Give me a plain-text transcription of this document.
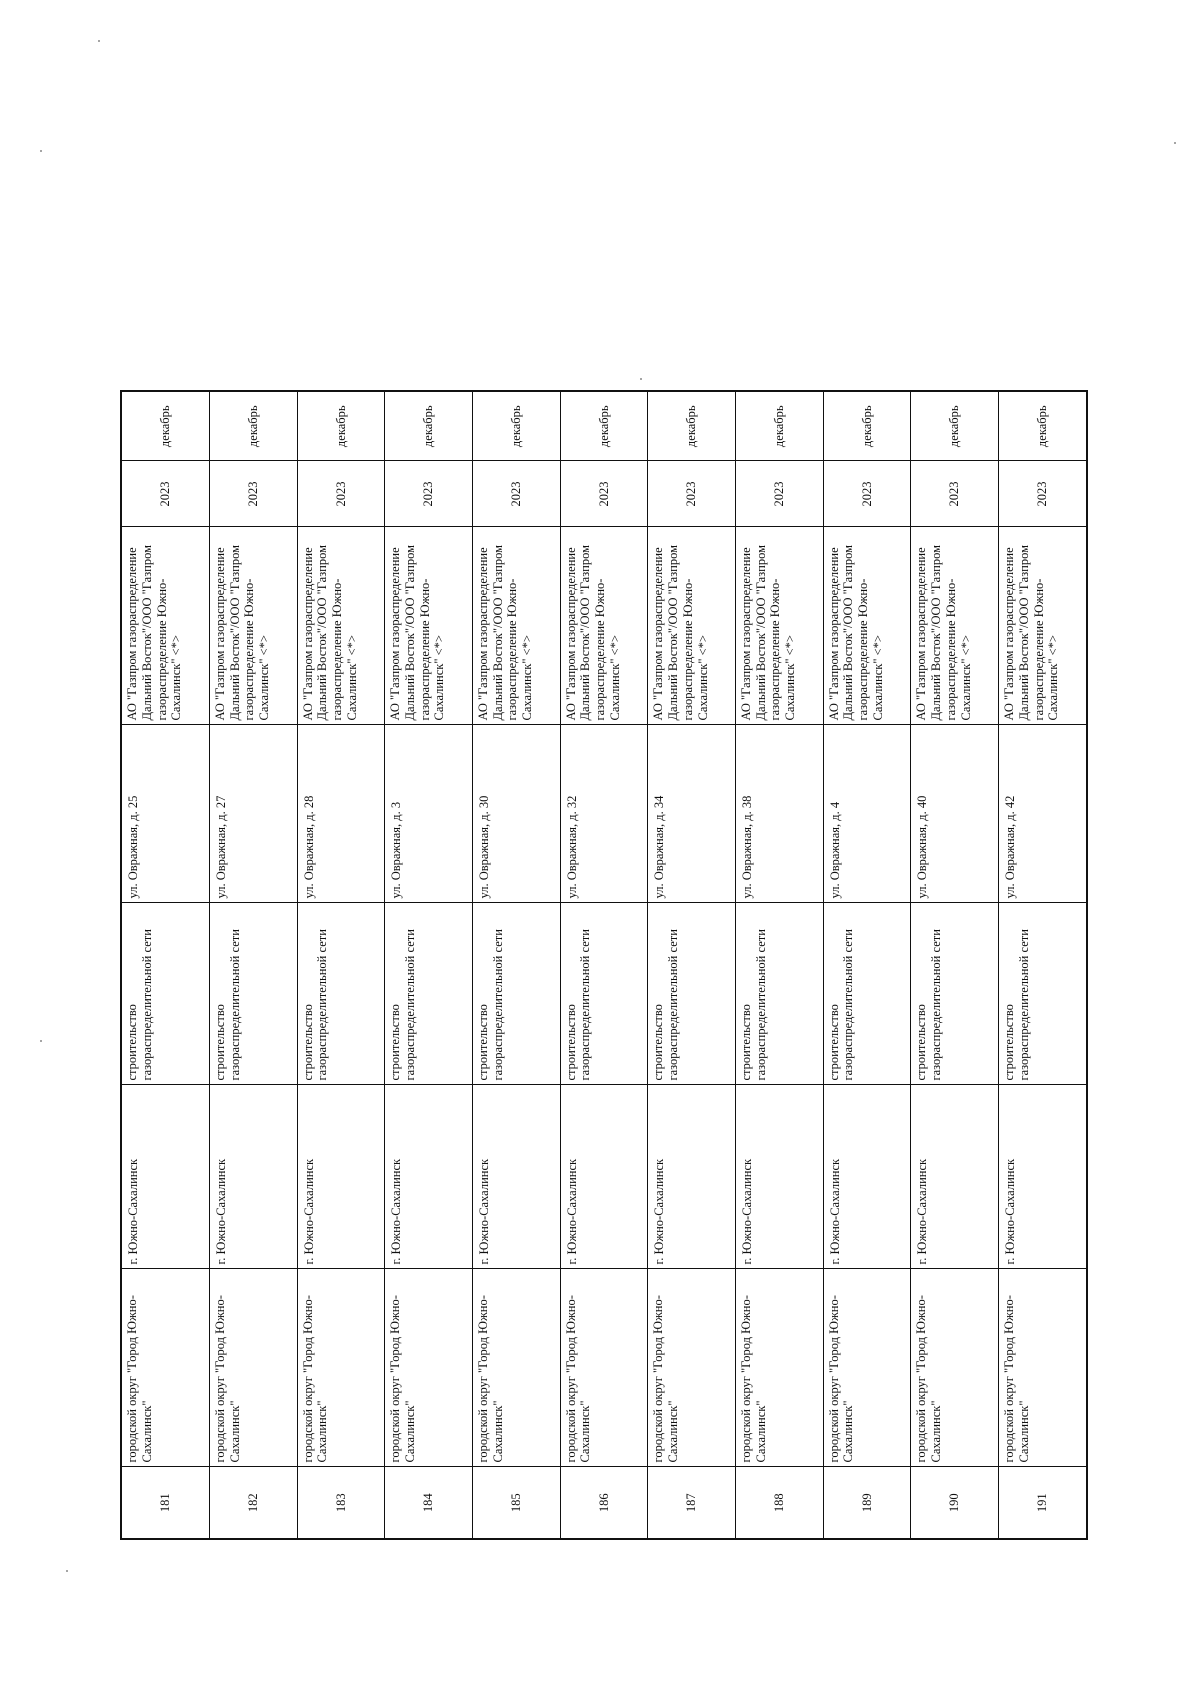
181	городской округ "Город Южно-Сахалинск"	г. Южно-Сахалинск	строительство газораспределительной сети	ул. Овражная, д. 25	АО "Газпром газораспределение Дальний Восток"/ООО "Газпром газораспределение Южно-Сахалинск" <*>	2023	декабрь
182	городской округ "Город Южно-Сахалинск"	г. Южно-Сахалинск	строительство газораспределительной сети	ул. Овражная, д. 27	АО "Газпром газораспределение Дальний Восток"/ООО "Газпром газораспределение Южно-Сахалинск" <*>	2023	декабрь
183	городской округ "Город Южно-Сахалинск"	г. Южно-Сахалинск	строительство газораспределительной сети	ул. Овражная, д. 28	АО "Газпром газораспределение Дальний Восток"/ООО "Газпром газораспределение Южно-Сахалинск" <*>	2023	декабрь
184	городской округ "Город Южно-Сахалинск"	г. Южно-Сахалинск	строительство газораспределительной сети	ул. Овражная, д. 3	АО "Газпром газораспределение Дальний Восток"/ООО "Газпром газораспределение Южно-Сахалинск" <*>	2023	декабрь
185	городской округ "Город Южно-Сахалинск"	г. Южно-Сахалинск	строительство газораспределительной сети	ул. Овражная, д. 30	АО "Газпром газораспределение Дальний Восток"/ООО "Газпром газораспределение Южно-Сахалинск" <*>	2023	декабрь
186	городской округ "Город Южно-Сахалинск"	г. Южно-Сахалинск	строительство газораспределительной сети	ул. Овражная, д. 32	АО "Газпром газораспределение Дальний Восток"/ООО "Газпром газораспределение Южно-Сахалинск" <*>	2023	декабрь
187	городской округ "Город Южно-Сахалинск"	г. Южно-Сахалинск	строительство газораспределительной сети	ул. Овражная, д. 34	АО "Газпром газораспределение Дальний Восток"/ООО "Газпром газораспределение Южно-Сахалинск" <*>	2023	декабрь
188	городской округ "Город Южно-Сахалинск"	г. Южно-Сахалинск	строительство газораспределительной сети	ул. Овражная, д. 38	АО "Газпром газораспределение Дальний Восток"/ООО "Газпром газораспределение Южно-Сахалинск" <*>	2023	декабрь
189	городской округ "Город Южно-Сахалинск"	г. Южно-Сахалинск	строительство газораспределительной сети	ул. Овражная, д. 4	АО "Газпром газораспределение Дальний Восток"/ООО "Газпром газораспределение Южно-Сахалинск" <*>	2023	декабрь
190	городской округ "Город Южно-Сахалинск"	г. Южно-Сахалинск	строительство газораспределительной сети	ул. Овражная, д. 40	АО "Газпром газораспределение Дальний Восток"/ООО "Газпром газораспределение Южно-Сахалинск" <*>	2023	декабрь
191	городской округ "Город Южно-Сахалинск"	г. Южно-Сахалинск	строительство газораспределительной сети	ул. Овражная, д. 42	АО "Газпром газораспределение Дальний Восток"/ООО "Газпром газораспределение Южно-Сахалинск" <*>	2023	декабрь
